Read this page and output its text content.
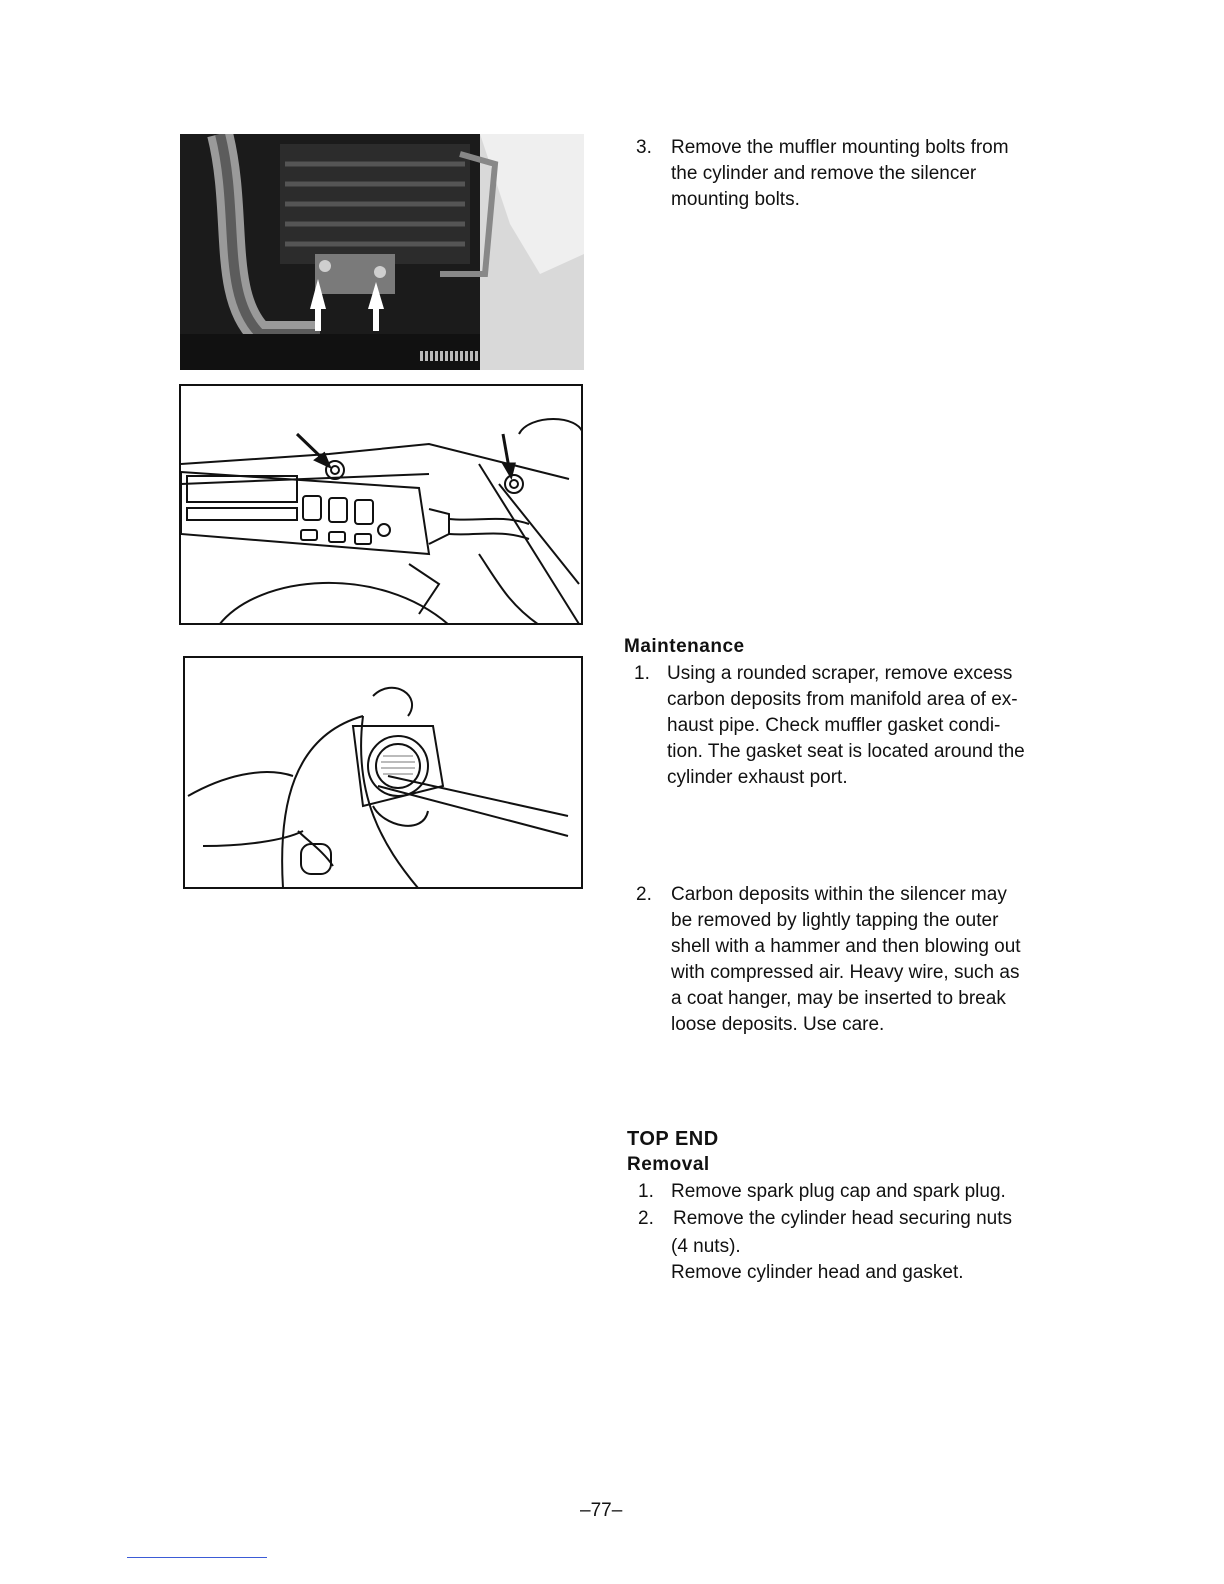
3. Remove the muffler mounting bolts from
the cylinder and remove the silencer
mounting bolts.
Maintenance
1. Using a rounded scraper, remove excess
carbon deposits from manifold area of ex-
haust pipe. Check muffler gasket condi-
tion. The gasket seat is located around the
cylinder exhaust port.
2. Carbon deposits within the silencer may
be removed by lightly tapping the outer
shell with a hammer and then blowing out
with compressed air. Heavy wire, such as
a coat hanger, may be inserted to break
loose deposits. Use care.
TOP END
Removal
1. Remove spark plug cap and spark plug.
2. Remove the cylinder head securing nuts
(4 nuts).
Remove cylinder head and gasket.
–77–
